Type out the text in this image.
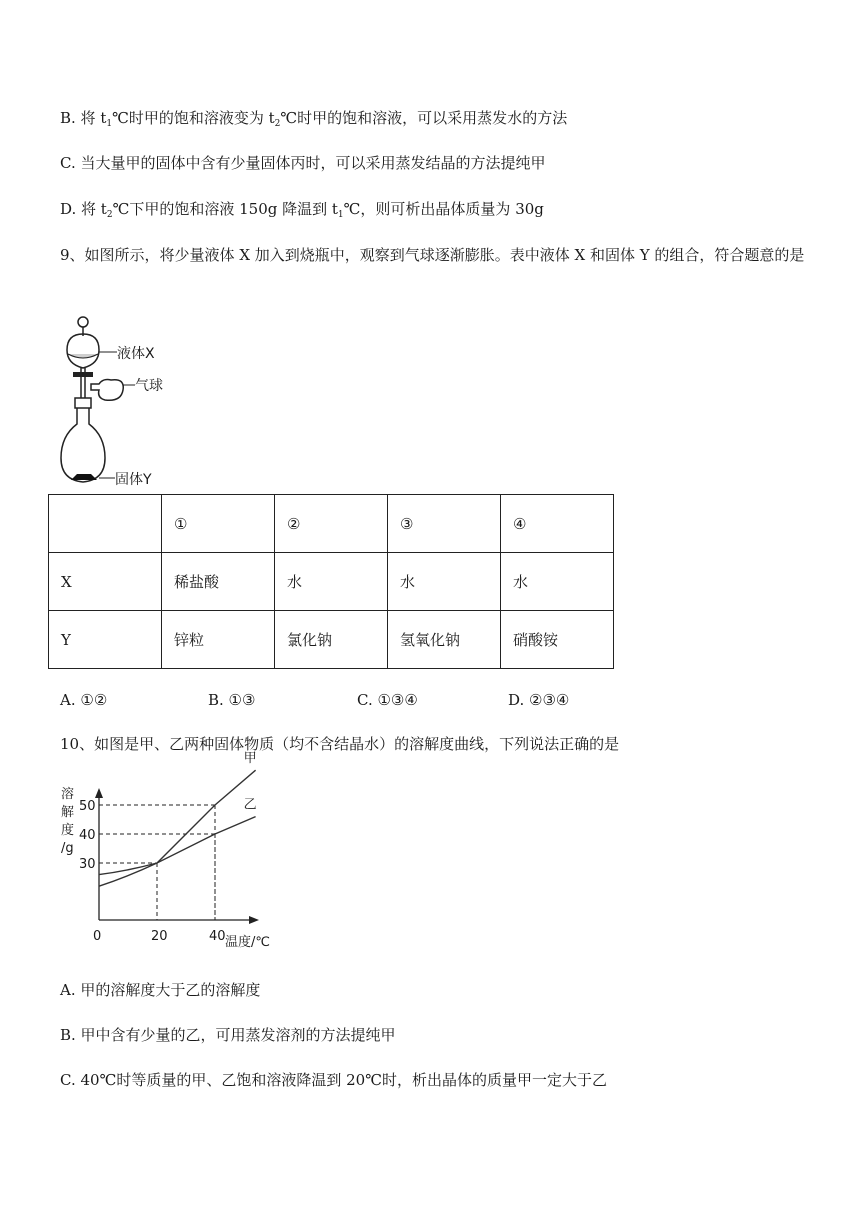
B. 将 $t_1℃$时甲的饱和溶液变为 $t_2℃$时甲的饱和溶液，可以采用蒸发水的方法
C. 当大量甲的固体中含有少量固体丙时，可以采用蒸发结晶的方法提纯甲
D. 将 $t_2℃$下甲的饱和溶液 150g 降温到 $t_1℃$，则可析出晶体质量为 30g
9、如图所示，将少量液体 X 加入到烧瓶中，观察到气球逐渐膨胀。表中液体 X 和固体 Y 的组合，符合题意的是
液体X
气球
固体Y
	①	②	③	④
X	稀盐酸	水	水	水
Y	锌粒	氯化钠	氢氧化钠	硝酸铵
A. ①②	B. ①③	C. ①③④	D. ②③④
10、如图是甲、乙两种固体物质（均不含结晶水）的溶解度曲线，下列说法正确的是
溶
解
度
/g
温度/℃
0	20	40
30
40
50
甲
乙
A. 甲的溶解度大于乙的溶解度
B. 甲中含有少量的乙，可用蒸发溶剂的方法提纯甲
C. 40℃时等质量的甲、乙饱和溶液降温到 20℃时，析出晶体的质量甲一定大于乙
